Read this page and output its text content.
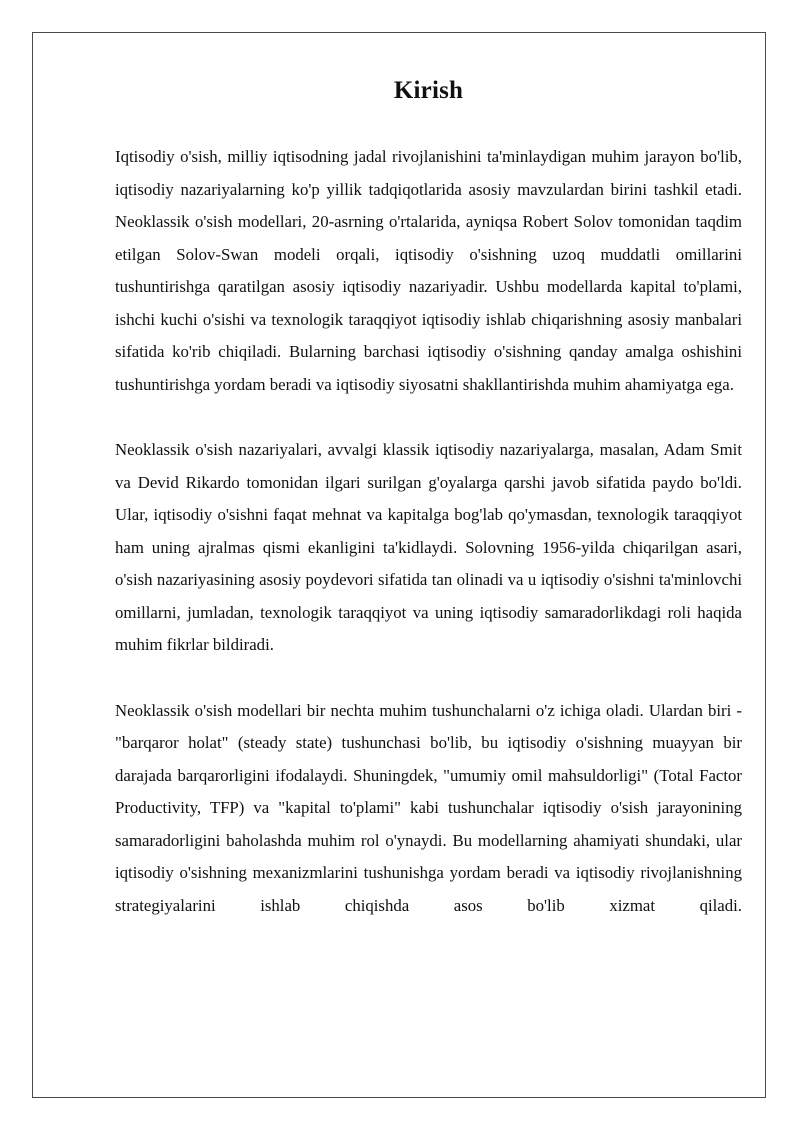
Kirish

Iqtisodiy o'sish, milliy iqtisodning jadal rivojlanishini ta'minlaydigan muhim jarayon bo'lib, iqtisodiy nazariyalarning ko'p yillik tadqiqotlarida asosiy mavzulardan birini tashkil etadi. Neoklassik o'sish modellari, 20-asrning o'rtalarida, ayniqsa Robert Solov tomonidan taqdim etilgan Solov-Swan modeli orqali, iqtisodiy o'sishning uzoq muddatli omillarini tushuntirishga qaratilgan asosiy iqtisodiy nazariyadir. Ushbu modellarda kapital to'plami, ishchi kuchi o'sishi va texnologik taraqqiyot iqtisodiy ishlab chiqarishning asosiy manbalari sifatida ko'rib chiqiladi. Bularning barchasi iqtisodiy o'sishning qanday amalga oshishini tushuntirishga yordam beradi va iqtisodiy siyosatni shakllantirishda muhim ahamiyatga ega.

Neoklassik o'sish nazariyalari, avvalgi klassik iqtisodiy nazariyalarga, masalan, Adam Smit va Devid Rikardo tomonidan ilgari surilgan g'oyalarga qarshi javob sifatida paydo bo'ldi. Ular, iqtisodiy o'sishni faqat mehnat va kapitalga bog'lab qo'ymasdan, texnologik taraqqiyot ham uning ajralmas qismi ekanligini ta'kidlaydi. Solovning 1956-yilda chiqarilgan asari, o'sish nazariyasining asosiy poydevori sifatida tan olinadi va u iqtisodiy o'sishni ta'minlovchi omillarni, jumladan, texnologik taraqqiyot va uning iqtisodiy samaradorlikdagi roli haqida muhim fikrlar bildiradi.

Neoklassik o'sish modellari bir nechta muhim tushunchalarni o'z ichiga oladi. Ulardan biri - "barqaror holat" (steady state) tushunchasi bo'lib, bu iqtisodiy o'sishning muayyan bir darajada barqarorligini ifodalaydi. Shuningdek, "umumiy omil mahsuldorligi" (Total Factor Productivity, TFP) va "kapital to'plami" kabi tushunchalar iqtisodiy o'sish jarayonining samaradorligini baholashda muhim rol o'ynaydi. Bu modellarning ahamiyati shundaki, ular iqtisodiy o'sishning mexanizmlarini tushunishga yordam beradi va iqtisodiy rivojlanishning strategiyalarini ishlab chiqishda asos bo'lib xizmat qiladi.
